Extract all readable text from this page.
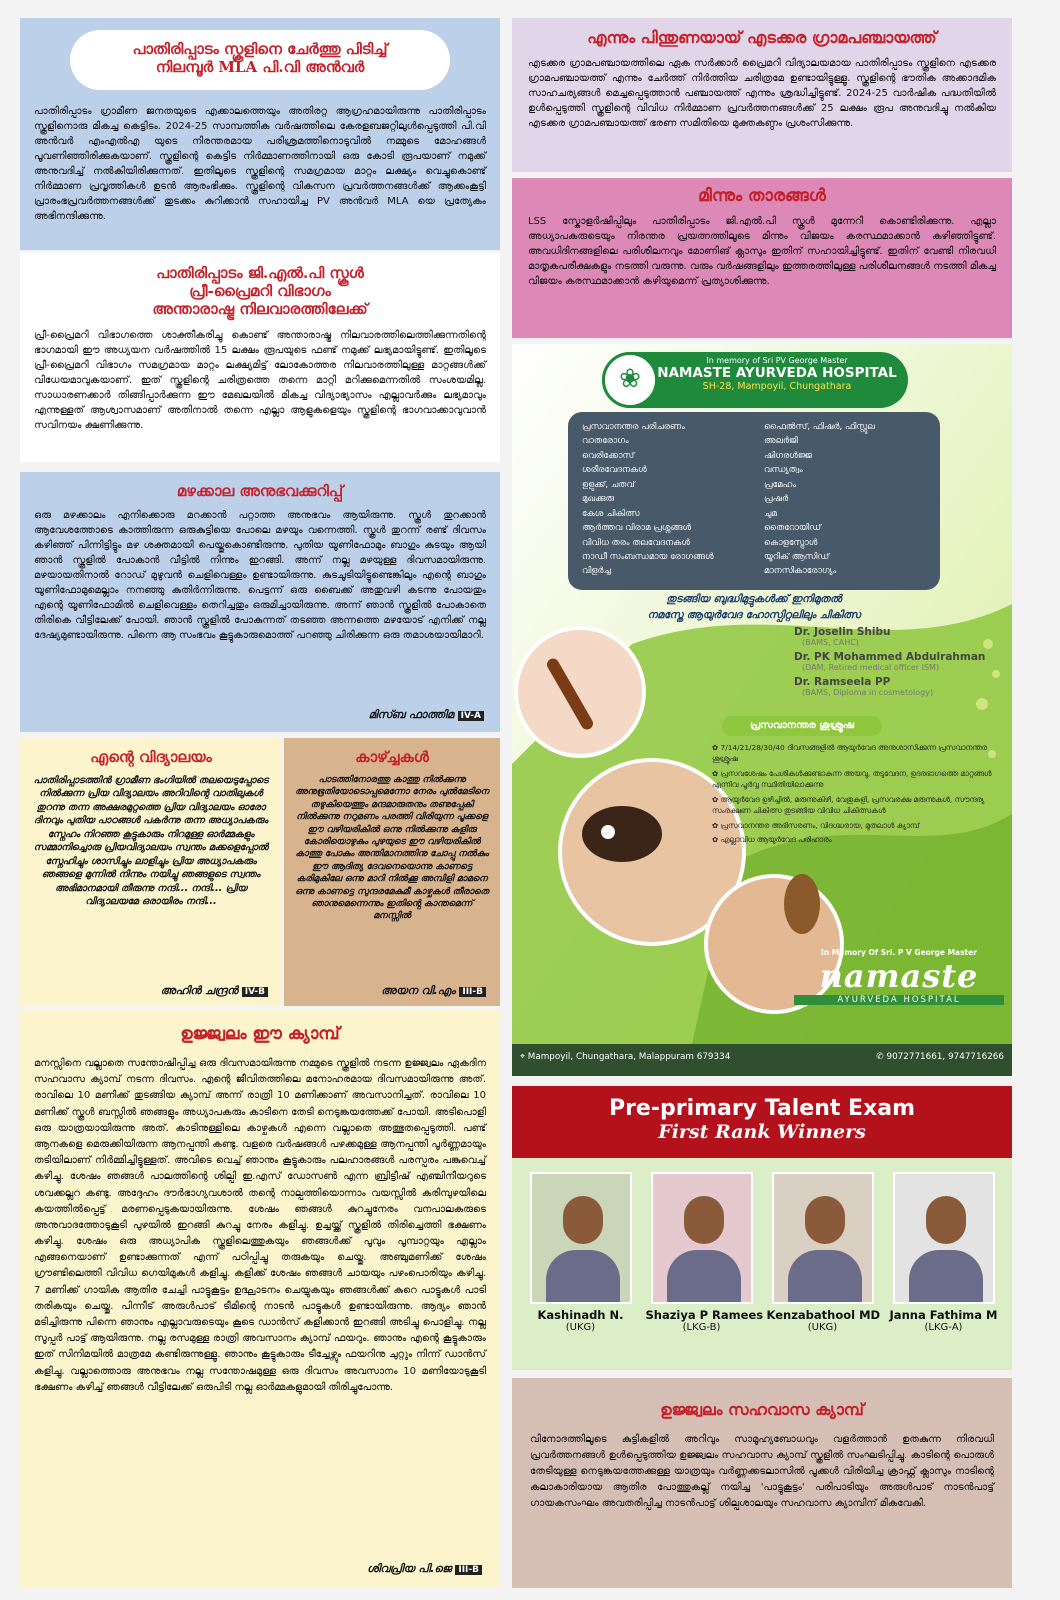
പാതിരിപ്പാടം സ്കൂളിനെ ചേർത്തു പിടിച്ച്
നിലമ്പൂർ MLA പി.വി അൻവർ

പാതിരിപ്പാടം ഗ്രാമീണ ജനതയുടെ എക്കാലത്തെയും അതിരറ്റ ആഗ്രഹമായിരുന്നു പാതിരിപ്പാടം സ്കൂളിനൊരു മികച്ച കെട്ടിടം. 2024-25 സാമ്പത്തിക വർഷത്തിലെ കേരളബജറ്റിലുൾപ്പെടുത്തി പി.വി അൻവർ എംഎൽഎ യുടെ നിരന്തരമായ പരിശ്രമത്തിനൊടുവിൽ നമ്മുടെ മോഹങ്ങൾ പൂവണിഞ്ഞിരിക്കുകയാണ്. സ്കൂളിന്റെ കെട്ടിട നിർമ്മാണത്തിനായി ഒരു കോടി രൂപയാണ് നമുക്ക് അനുവദിച്ച് നൽകിയിരിക്കുന്നത്. ഇതിലൂടെ സ്കൂളിന്റെ സമഗ്രമായ മാറ്റം ലക്ഷ്യം വെച്ചുകൊണ്ട് നിർമ്മാണ പ്രവൃത്തികൾ ഉടൻ ആരംഭിക്കും. സ്കൂളിന്റെ വികസന പ്രവർത്തനങ്ങൾക്ക് ആക്കംകൂട്ടി പ്രാരംഭപ്രവർത്തനങ്ങൾക്ക് തുടക്കം കുറിക്കാൻ സഹായിച്ച PV അൻവർ MLA യെ പ്രത്യേകം അഭിനന്ദിക്കുന്നു.

പാതിരിപ്പാടം ജി.എൽ.പി സ്കൂൾ
പ്രീ-പ്രൈമറി വിഭാഗം
അന്താരാഷ്ട്ര നിലവാരത്തിലേക്ക്

പ്രീ-പ്രൈമറി വിഭാഗത്തെ ശാക്തീകരിച്ചു കൊണ്ട് അന്താരാഷ്ട്ര നിലവാരത്തിലെത്തിക്കുന്നതിന്റെ ഭാഗമായി ഈ അധ്യയന വർഷത്തിൽ 15 ലക്ഷം രൂപയുടെ ഫണ്ട് നമുക്ക് ലഭ്യമായിട്ടുണ്ട്. ഇതിലൂടെ പ്രീ-പ്രൈമറി വിഭാഗം സമഗ്രമായ മാറ്റം ലക്ഷ്യമിട്ട് ലോകോത്തര നിലവാരത്തിലുള്ള മാറ്റങ്ങൾക്ക് വിധേയമാവുകയാണ്. ഇത് സ്കൂളിന്റെ ചരിത്രത്തെ തന്നെ മാറ്റി മറിക്കുമെന്നതിൽ സംശയമില്ല. സാധാരണക്കാർ തിങ്ങിപ്പാർക്കുന്ന ഈ മേഖലയിൽ മികച്ച വിദ്യാഭ്യാസം എല്ലാവർക്കും ലഭ്യമാവും എന്നുള്ളത് ആശ്വാസമാണ് അതിനാൽ തന്നെ എല്ലാ ആളുകളെയും സ്കൂളിന്റെ ഭാഗവാക്കാവുവാൻ സവിനയം ക്ഷണിക്കുന്നു.

മഴക്കാല അനുഭവക്കുറിപ്പ്

ഒരു മഴക്കാലം എനിക്കൊരു മറക്കാൻ പറ്റാത്ത അനുഭവം ആയിരുന്നു. സ്കൂൾ തുറക്കാൻ ആവേശത്തോടെ കാത്തിരുന്ന ഒരുകുട്ടിയെ പോലെ മഴയും വന്നെത്തി. സ്കൂൾ തുറന്ന് രണ്ട് ദിവസം കഴിഞ്ഞ് പിന്നിട്ടിട്ടും മഴ ശക്തമായി പെയ്തുകൊണ്ടിരുന്നു. പുതിയ യൂണിഫോമും ബാഗും കുടയും ആയി ഞാൻ സ്കൂളിൽ പോകാൻ വീട്ടിൽ നിന്നും ഇറങ്ങി. അന്ന് നല്ല മഴയുള്ള ദിവസമായിരുന്നു. മഴയായതിനാൽ റോഡ് മുഴുവൻ ചെളിവെള്ളം ഉണ്ടായിരുന്നു. കുടചൂടിയിട്ടുണ്ടെങ്കിലും എന്റെ ബാഗും യൂണിഫോമുമെല്ലാം നനഞ്ഞു കുതിർന്നിരുന്നു. പെട്ടന്ന് ഒരു ബൈക്ക് അതുവഴി കടന്നു പോയതും എന്റെ യൂണിഫോമിൽ ചെളിവെള്ളം തെറിച്ചതും ഒരുമിച്ചായിരുന്നു. അന്ന് ഞാൻ സ്കൂളിൽ പോകാതെ തിരികെ വീട്ടിലേക്ക് പോയി. ഞാൻ സ്കൂളിൽ പോകുന്നത് തടഞ്ഞ അന്നത്തെ മഴയോട് എനിക്ക് നല്ല ദേഷ്യമുണ്ടായിരുന്നു. പിന്നെ ആ സംഭവം കൂട്ടുകാരുമൊത്ത് പറഞ്ഞു ചിരിക്കുന്ന ഒരു തമാശയായിമാറി.

മിസ്ബ ഫാത്തിമ IV-A
എന്റെ വിദ്യാലയം

പാതിരിപ്പാടത്തിൻ ഗ്രാമീണ ഭംഗിയിൽ തലയെടുപ്പോടെ നിൽക്കുന്ന പ്രിയ വിദ്യാലയം അറിവിന്റെ വാതിലുകൾ തുറന്നു തന്ന അക്ഷരമുറ്റത്തെ പ്രിയ വിദ്യാലയം ഓരോ ദിനവും പുതിയ പാഠങ്ങൾ പകർന്നു തന്ന അധ്യാപകരും സ്നേഹം നിറഞ്ഞ കൂട്ടുകാരും നിറമുള്ള ഓർമ്മകളും സമ്മാനിച്ചൊരു പ്രിയവിദ്യാലയം സ്വന്തം മക്കളെപ്പോൽ സ്നേഹിച്ചും ശാസിച്ചും ലാളിച്ചും പ്രിയ അധ്യാപകരും ഞങ്ങളെ മുന്നിൽ നിന്നും നയിച്ചു ഞങ്ങളുടെ സ്വന്തം അഭിമാനമായി തീരുന്നു നന്ദി... നന്ദി... പ്രിയ വിദ്യാലയമേ ഒരായിരം നന്ദി...

അഹിൻ ചന്ദ്രൻ IV-B
കാഴ്ച്ചകൾ

പാടത്തിനോരത്തു കാത്തു നിൽക്കുന്നു അനുഭൂതിയോടൊപ്പമെന്നോ നേരം പുൽമേടിനെ തഴുകിയെത്തും മന്ദമാരുതനും തണുപ്പേകി നിൽക്കുന്നു നറുമണം പരത്തി വിരിയുന്ന പൂക്കളെ ഈ വഴിയരികിൽ ഒന്നു നിൽക്കുന്നു കുളിരു കോരിയൊഴുകും പുഴയുടെ ഈ വഴിയരികിൽ കാത്തു പോകും അന്തിമാനത്തിനു ചോപ്പു നൽകും ഈ ആദിത്യ ദേവനെയൊന്നു കാണട്ടെ കരിമുകിലേ ഒന്നു മാറി നിൽക്കൂ അമ്പിളി മാമനെ ഒന്നു കാണട്ടെ സുന്ദരമേകുമീ കാഴ്ചകൾ തീരാതെ ഞാനുമെന്നെന്നും ഇതിൻ്റെ കാന്തമെന്ന് മനസ്സിൽ

അയന വി.എം III-B
ഉജ്ജ്വലം ഈ ക്യാമ്പ്

മനസ്സിനെ വല്ലാതെ സന്തോഷിപ്പിച്ച ഒരു ദിവസമായിരുന്നു നമ്മുടെ സ്കൂളിൽ നടന്ന ഉജ്ജ്വലം ഏകദിന സഹവാസ ക്യാമ്പ് നടന്ന ദിവസം. എന്റെ ജീവിതത്തിലെ മനോഹരമായ ദിവസമായിരുന്നു അത്. രാവിലെ 10 മണിക്ക് തുടങ്ങിയ ക്യാമ്പ് അന്ന് രാത്രി 10 മണിക്കാണ് അവസാനിച്ചത്. രാവിലെ 10 മണിക്ക് സ്കൂൾ ബസ്സിൽ ഞങ്ങളും അധ്യാപകരും കാടിനെ തേടി നെടുങ്കയത്തേക്ക് പോയി. അടിപൊളി ഒരു യാത്രയായിരുന്നു അത്. കാടിനുള്ളിലെ കാഴ്ചകൾ എന്നെ വല്ലാതെ അത്ഭുതപ്പെടുത്തി. പണ്ട് ആനകളെ മെരുക്കിയിരുന്ന ആനപ്പന്തി കണ്ടു. വളരെ വർഷങ്ങൾ പഴക്കമുള്ള ആനപ്പന്തി പൂർണ്ണമായും തടിയിലാണ് നിർമ്മിച്ചിട്ടുള്ളത്. അവിടെ വെച്ച് ഞാനും കൂട്ടുകാരും പലഹാരങ്ങൾ പരസ്പരം പങ്കുവെച്ച് കഴിച്ചു. ശേഷം ഞങ്ങൾ പാലത്തിന്റെ ശില്പി ഇ.എസ് ഡോസൺ എന്ന ബ്രിട്ടീഷ് എഞ്ചിനീയറുടെ ശവക്കല്ലറ കണ്ടു. അദ്ദേഹം ദൗർഭാഗ്യവശാൽ തന്റെ നാല്പത്തിയൊന്നാം വയസ്സിൽ കരിമ്പുഴയിലെ കയത്തിൽപ്പെട്ട് മരണപ്പെടുകയായിരുന്നു. ശേഷം ഞങ്ങൾ കുറച്ചുനേരം വനപാലകരുടെ അനുവാദത്തോടുകൂടി പുഴയിൽ ഇറങ്ങി കുറച്ചു നേരം കളിച്ചു. ഉച്ചയ്ക്ക് സ്കൂളിൽ തിരിച്ചെത്തി ഭക്ഷണം കഴിച്ചു. ശേഷം ഒരു അധ്യാപിക സ്കൂളിലെത്തുകയും ഞങ്ങൾക്ക് പൂവും പൂമ്പാറ്റയും എല്ലാം എങ്ങനെയാണ് ഉണ്ടാക്കുന്നത് എന്ന് പഠിപ്പിച്ചു തരുകയും ചെയ്തു. അഞ്ചുമണിക്ക് ശേഷം ഗ്രൗണ്ടിലെത്തി വിവിധ ഗെയിമുകൾ കളിച്ചു. കളിക്ക് ശേഷം ഞങ്ങൾ ചായയും പഴംപൊരിയും കഴിച്ചു. 7 മണിക്ക് ഗായിക ആതിര ചേച്ചി പാട്ടുകൂട്ടം ഉദ്ഘാടനം ചെയ്യുകയും ഞങ്ങൾക്ക് കുറെ പാട്ടുകൾ പാടി തരികയും ചെയ്തു. പിന്നീട് അരുൾപാട് ടീമിന്റെ നാടൻ പാട്ടുകൾ ഉണ്ടായിരുന്നു. ആദ്യം ഞാൻ മടിച്ചിരുന്നു പിന്നെ ഞാനും എല്ലാവരുടെയും കൂടെ ഡാൻസ് കളിക്കാൻ ഇറങ്ങി അടിച്ചു പൊളിച്ചു. നല്ല സൂപ്പർ പാട്ട് ആയിരുന്നു. നല്ല രസമുള്ള രാത്രി അവസാനം ക്യാമ്പ് ഫയറും. ഞാനും എന്റെ കൂട്ടുകാരും ഇത് സിനിമയിൽ മാത്രമേ കണ്ടിരുന്നുള്ളൂ. ഞാനും കൂട്ടുകാരും ടീച്ചേഴ്സും ഫയറിനു ചുറ്റും നിന്ന് ഡാൻസ് കളിച്ചു. വല്ലാത്തൊരു അനുഭവം നല്ല സന്തോഷമുള്ള ഒരു ദിവസം അവസാനം 10 മണിയോടുകൂടി ഭക്ഷണം കഴിച്ച് ഞങ്ങൾ വീട്ടിലേക്ക് ഒരുപിടി നല്ല ഓർമ്മകളുമായി തിരിച്ചുപോന്നു.

ശിവപ്രിയ പി.ജെ III-B
എന്നും പിന്തുണയായ് എടക്കര ഗ്രാമപഞ്ചായത്ത്

എടക്കര ഗ്രാമപഞ്ചായത്തിലെ ഏക സർക്കാർ പ്രൈമറി വിദ്യാലയമായ പാതിരിപ്പാടം സ്കൂളിനെ എടക്കര ഗ്രാമപഞ്ചായത്ത് എന്നും ചേർത്ത് നിർത്തിയ ചരിത്രമേ ഉണ്ടായിട്ടുള്ളൂ. സ്കൂളിന്റെ ഭൗതിക അക്കാദമിക സാഹചര്യങ്ങൾ മെച്ചപ്പെടുത്താൻ പഞ്ചായത്ത് എന്നും ശ്രദ്ധിച്ചിട്ടുണ്ട്. 2024-25 വാർഷിക പദ്ധതിയിൽ ഉൾപ്പെടുത്തി സ്കൂളിന്റെ വിവിധ നിർമ്മാണ പ്രവർത്തനങ്ങൾക്ക് 25 ലക്ഷം രൂപ അനുവദിച്ചു നൽകിയ എടക്കര ഗ്രാമപഞ്ചായത്ത് ഭരണ സമിതിയെ മുക്തകണ്ഠം പ്രശംസിക്കുന്നു.

മിന്നും താരങ്ങൾ

LSS സ്കോളർഷിപ്പിലും പാതിരിപ്പാടം ജി.എൽ.പി സ്കൂൾ മുന്നേറി കൊണ്ടിരിക്കുന്നു. എല്ലാ അധ്യാപകരുടെയും നിരന്തര പ്രയത്നത്തിലൂടെ മിന്നും വിജയം കരസ്ഥമാക്കാൻ കഴിഞ്ഞിട്ടുണ്ട്. അവധിദിനങ്ങളിലെ പരിശീലനവും മോണിങ് ക്ലാസും ഇതിന് സഹായിച്ചിട്ടുണ്ട്. ഇതിന് വേണ്ടി നിരവധി മാതൃകപരീക്ഷകളും നടത്തി വരുന്നു. വരും വർഷങ്ങളിലും ഇത്തരത്തിലുള്ള പരിശീലനങ്ങൾ നടത്തി മികച്ച വിജയം കരസ്ഥമാക്കാൻ കഴിയുമെന്ന് പ്രത്യാശിക്കുന്നു.

In memory of Sri PV George Master
NAMASTE AYURVEDA HOSPITAL
SH-28, Mampoyil, Chungathara
❀
പ്രസവാനന്തര പരിചരണം
വാതരോഗം
വെരിക്കോസ്
ശരീരവേദനകൾ
ഉളുക്ക്, ചതവ്
മുഖക്കുരു
കേശ ചികിത്സ
ആർത്തവ വിരാമ പ്രശ്നങ്ങൾ
വിവിധ തരം തലവേദനകൾ
നാഡീ സംബന്ധമായ രോഗങ്ങൾ
വിളർച്ച
ഫൈൽസ്, ഫിഷർ, ഫിസ്റ്റുല
അലർജി
ഷിഗരൾജ്ജ
വന്ധ്യത്വം
പ്രമേഹം
പ്രഷർ
ചുമ
തൈറോയിഡ്
കൊളസ്ട്രോൾ
യൂറിക് ആസിഡ്
മാനസികാരോഗ്യം
തുടങ്ങിയ ബുദ്ധിമുട്ടുകൾക്ക് ഇനിമുതൽ
നമസ്തേ ആയുർവേദ ഹോസ്പിറ്റലിലും ചികിത്സ
Dr. Joselin Shibu
(BAMS, CAHC)
Dr. PK Mohammed Abdulrahman
(DAM, Retired medical officer ISM)
Dr. Ramseela PP
(BAMS, Diploma in cosmetology)
പ്രസവാനന്തര ശുശ്രൂഷ
✿ 7/14/21/28/30/40 ദിവസങ്ങളിൽ ആയുർവേദ അനുശാസിക്കുന്ന പ്രസവാനന്തര ശുശ്രൂഷ
✿ പ്രസവശേഷം പേശികൾക്കുണ്ടാകുന്ന അയവു, തടുവേദന, ഉദരഭാഗത്തെ മാറ്റങ്ങൾ എന്നിവ പൂർവ്വ സ്ഥിതിയിലാക്കുന്നു
✿ ആയുർവേദ ഉഴിച്ചിൽ, മരുന്നുകിഴി, വേതുകുളി, പ്രസവരക്ഷ മരുന്നുകൾ, സൗന്ദര്യ സംരക്ഷണ ചികിത്സ തുടങ്ങിയ വിവിധ ചികിത്സകൾ
✿ പ്രസവാനന്തര അഭിസരണം, വിദഗ്ദ്ധരായ, മുതലാൾ ക്യാമ്പ്
✿ എല്ലാവിധ ആയുർവേദ പരിഹാരം
In Memory Of Sri. P V George Master
namaste
AYURVEDA HOSPITAL
⌖ Mampoyil, Chungathara, Malappuram 679334	✆ 9072771661, 9747716266
Pre-primary Talent Exam
First Rank Winners
Kashinadh N.
(UKG)
Shaziya P Ramees
(LKG-B)
Kenzabathool MD
(UKG)
Janna Fathima M
(LKG-A)
ഉജ്ജ്വലം സഹവാസ ക്യാമ്പ്

വിനോദത്തിലൂടെ കുട്ടികളിൽ അറിവും സാമൂഹ്യബോധവും വളർത്താൻ ഉതകുന്ന നിരവധി പ്രവർത്തനങ്ങൾ ഉൾപ്പെടുത്തിയ ഉജ്ജ്വലം സഹവാസ ക്യാമ്പ് സ്കൂളിൽ സംഘടിപ്പിച്ചു. കാടിന്റെ പൊരുൾ തേടിയുള്ള നെടുങ്കയത്തേക്കുള്ള യാത്രയും വർണ്ണക്കടലാസിൽ പൂക്കൾ വിരിയിച്ച ക്രാഫ്റ്റ് ക്ലാസും നാടിന്റെ കലാകാരിയായ ആതിര പോത്തുകല്ല് നയിച്ച 'പാട്ടുകൂട്ടം' പരിപാടിയും അരുൾപാട് നാടൻപാട്ട് ഗായകസംഘം അവതരിപ്പിച്ച നാടൻപാട്ട് ശില്പശാലയും സഹവാസ ക്യാമ്പിന് മികവേകി.
